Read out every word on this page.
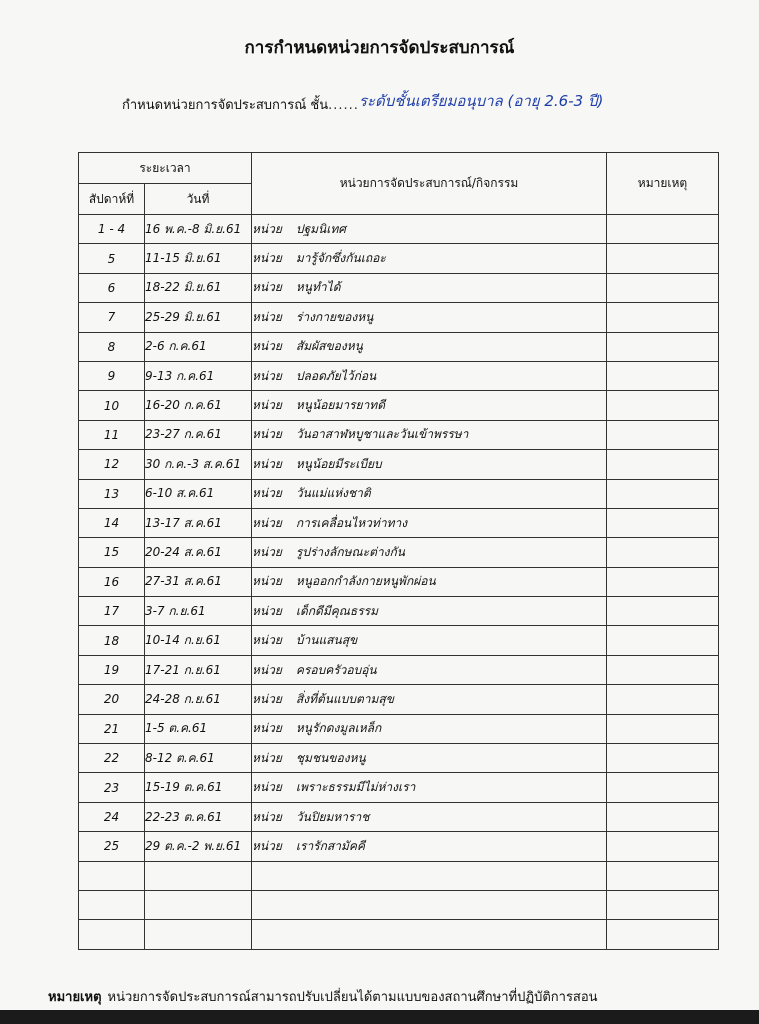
การกำหนดหน่วยการจัดประสบการณ์
กำหนดหน่วยการจัดประสบการณ์ ชั้น......ระดับชั้นเตรียมอนุบาล (อายุ 2.6-3 ปี)
ระยะเวลา		หน่วยการจัดประสบการณ์/กิจกรรม	หมายเหตุ
สัปดาห์ที่	วันที่		
1 - 4	16 พ.ค.-8 มิ.ย.61	หน่วย ปฐมนิเทศ	
5	11-15 มิ.ย.61	หน่วย มารู้จักซึ่งกันเถอะ	
6	18-22 มิ.ย.61	หน่วย หนูทำได้	
7	25-29 มิ.ย.61	หน่วย ร่างกายของหนู	
8	2-6 ก.ค.61	หน่วย สัมผัสของหนู	
9	9-13 ก.ค.61	หน่วย ปลอดภัยไว้ก่อน	
10	16-20 ก.ค.61	หน่วย หนูน้อยมารยาทดี	
11	23-27 ก.ค.61	หน่วย วันอาสาฬหบูชาและวันเข้าพรรษา	
12	30 ก.ค.-3 ส.ค.61	หน่วย หนูน้อยมีระเบียบ	
13	6-10 ส.ค.61	หน่วย วันแม่แห่งชาติ	
14	13-17 ส.ค.61	หน่วย การเคลื่อนไหวท่าทาง	
15	20-24 ส.ค.61	หน่วย รูปร่างลักษณะต่างกัน	
16	27-31 ส.ค.61	หน่วย หนูออกกำลังกายหนูพักผ่อน	
17	3-7 ก.ย.61	หน่วย เด็กดีมีคุณธรรม	
18	10-14 ก.ย.61	หน่วย บ้านแสนสุข	
19	17-21 ก.ย.61	หน่วย ครอบครัวอบอุ่น	
20	24-28 ก.ย.61	หน่วย สิ่งที่ต้นแบบตามสุข	
21	1-5 ต.ค.61	หน่วย หนูรักดงมูลเหล็ก	
22	8-12 ต.ค.61	หน่วย ชุมชนของหนู	
23	15-19 ต.ค.61	หน่วย เพราะธรรมมีไม่ห่างเรา	
24	22-23 ต.ค.61	หน่วย วันปิยมหาราช	
25	29 ต.ค.-2 พ.ย.61	หน่วย เรารักสามัคคี	

หมายเหตุ หน่วยการจัดประสบการณ์สามารถปรับเปลี่ยนได้ตามแบบของสถานศึกษาที่ปฏิบัติการสอน
